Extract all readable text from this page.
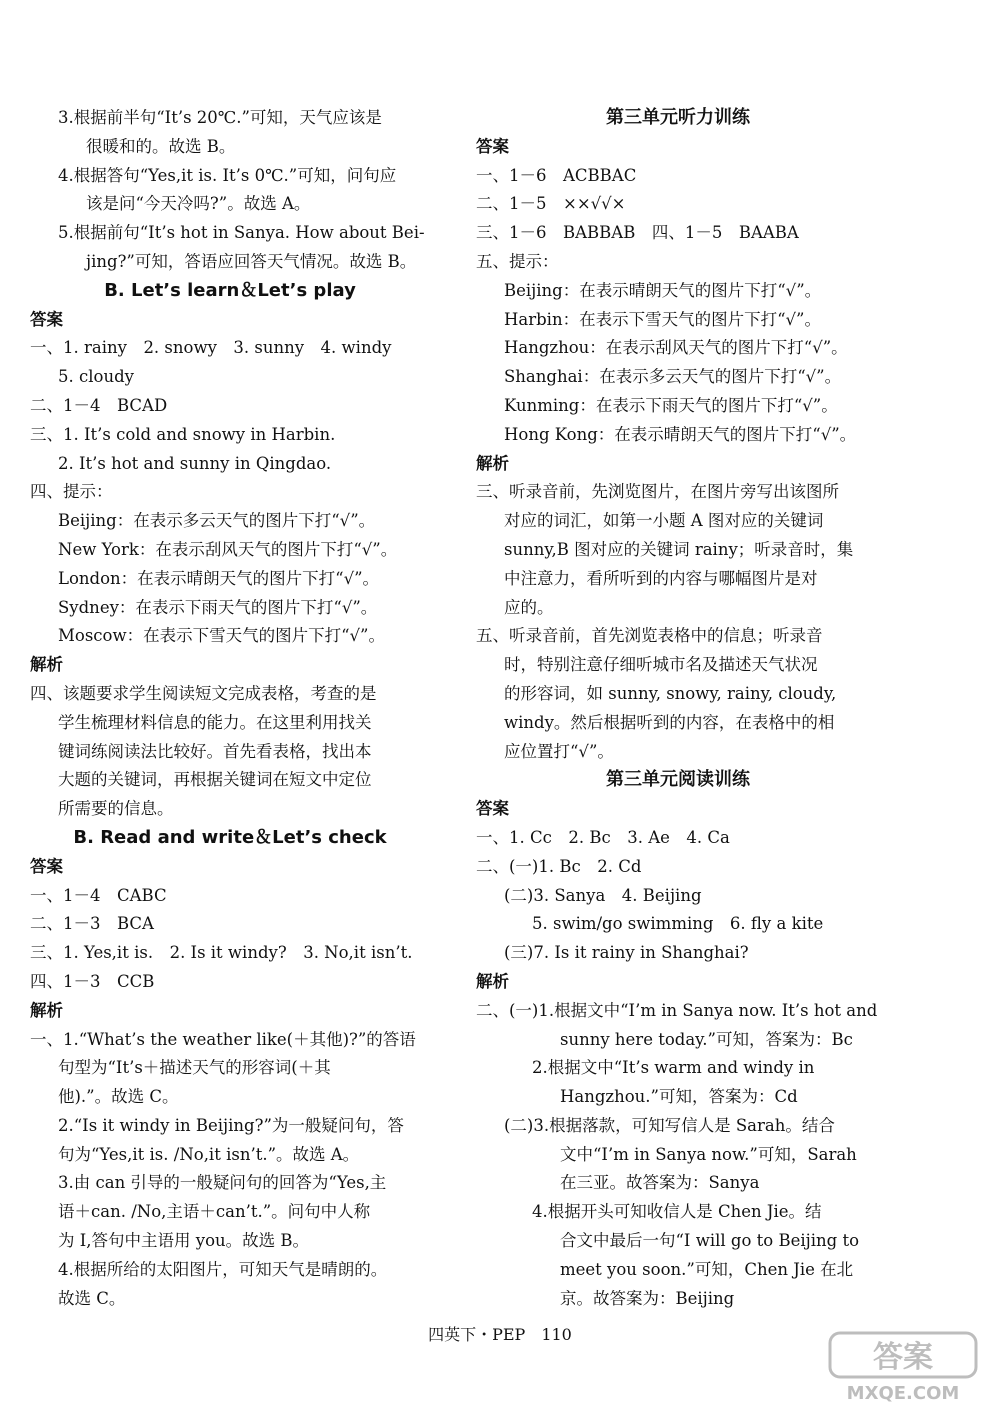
3.根据前半句“It’s 20℃.”可知，天气应该是
很暖和的。故选 B。
4.根据答句“Yes,it is. It’s 0℃.”可知，问句应
该是问“今天冷吗?”。故选 A。
5.根据前句“It’s hot in Sanya. How about Bei-
jing?”可知，答语应回答天气情况。故选 B。
B. Let’s learn＆Let’s play
答案
一、1. rainy　2. snowy　3. sunny　4. windy
5. cloudy
二、1－4　BCAD
三、1. It’s cold and snowy in Harbin.
2. It’s hot and sunny in Qingdao.
四、提示：
Beijing：在表示多云天气的图片下打“√”。
New York：在表示刮风天气的图片下打“√”。
London：在表示晴朗天气的图片下打“√”。
Sydney：在表示下雨天气的图片下打“√”。
Moscow：在表示下雪天气的图片下打“√”。
解析
四、该题要求学生阅读短文完成表格，考查的是
学生梳理材料信息的能力。在这里利用找关
键词练阅读法比较好。首先看表格，找出本
大题的关键词，再根据关键词在短文中定位
所需要的信息。
B. Read and write＆Let’s check
答案
一、1－4　CABC
二、1－3　BCA
三、1. Yes,it is.　2. Is it windy?　3. No,it isn’t.
四、1－3　CCB
解析
一、1.“What’s the weather like(＋其他)?”的答语
句型为“It’s＋描述天气的形容词(＋其
他).”。故选 C。
2.“Is it windy in Beijing?”为一般疑问句，答
句为“Yes,it is. /No,it isn’t.”。故选 A。
3.由 can 引导的一般疑问句的回答为“Yes,主
语＋can. /No,主语＋can’t.”。问句中人称
为 I,答句中主语用 you。故选 B。
4.根据所给的太阳图片，可知天气是晴朗的。
故选 C。
第三单元听力训练
答案
一、1－6　ACBBAC
二、1－5　××√√×
三、1－6　BABBAB　四、1－5　BAABA
五、提示：
Beijing：在表示晴朗天气的图片下打“√”。
Harbin：在表示下雪天气的图片下打“√”。
Hangzhou：在表示刮风天气的图片下打“√”。
Shanghai：在表示多云天气的图片下打“√”。
Kunming：在表示下雨天气的图片下打“√”。
Hong Kong：在表示晴朗天气的图片下打“√”。
解析
三、听录音前，先浏览图片，在图片旁写出该图所
对应的词汇，如第一小题 A 图对应的关键词
sunny,B 图对应的关键词 rainy；听录音时，集
中注意力，看所听到的内容与哪幅图片是对
应的。
五、听录音前，首先浏览表格中的信息；听录音
时，特别注意仔细听城市名及描述天气状况
的形容词，如 sunny, snowy, rainy, cloudy,
windy。然后根据听到的内容，在表格中的相
应位置打“√”。
第三单元阅读训练
答案
一、1. Cc　2. Bc　3. Ae　4. Ca
二、(一)1. Bc　2. Cd
(二)3. Sanya　4. Beijing
5. swim/go swimming　6. fly a kite
(三)7. Is it rainy in Shanghai?
解析
二、(一)1.根据文中“I’m in Sanya now. It’s hot and
sunny here today.”可知，答案为：Bc
2.根据文中“It’s warm and windy in
Hangzhou.”可知，答案为：Cd
(二)3.根据落款，可知写信人是 Sarah。结合
文中“I’m in Sanya now.”可知，Sarah
在三亚。故答案为：Sanya
4.根据开头可知收信人是 Chen Jie。结
合文中最后一句“I will go to Beijing to
meet you soon.”可知，Chen Jie 在北
京。故答案为：Beijing
四英下・PEP　110
答案
MXQE.COM
